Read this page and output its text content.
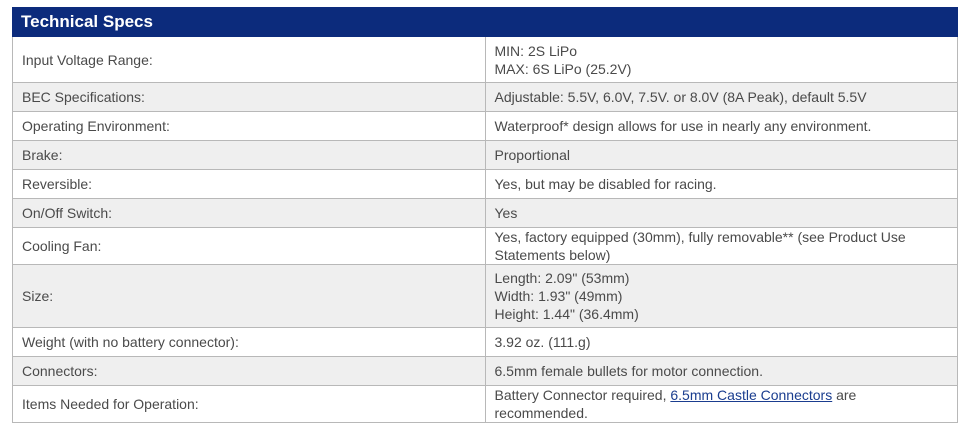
Technical Specs	
Input Voltage Range:	MIN: 2S LiPo
MAX: 6S LiPo (25.2V)

BEC Specifications:	Adjustable: 5.5V, 6.0V, 7.5V. or 8.0V (8A Peak), default 5.5V
Operating Environment:	Waterproof* design allows for use in nearly any environment.
Brake:	Proportional
Reversible:	Yes, but may be disabled for racing.
On/Off Switch:	Yes
Cooling Fan:	Yes, factory equipped (30mm), fully removable** (see Product Use Statements below)
Size:	Length: 2.09" (53mm)
Width: 1.93" (49mm)
Height: 1.44" (36.4mm)

Weight (with no battery connector):	3.92 oz. (111.g)
Connectors:	6.5mm female bullets for motor connection.
Items Needed for Operation:	Battery Connector required, 6.5mm Castle Connectors are recommended.
